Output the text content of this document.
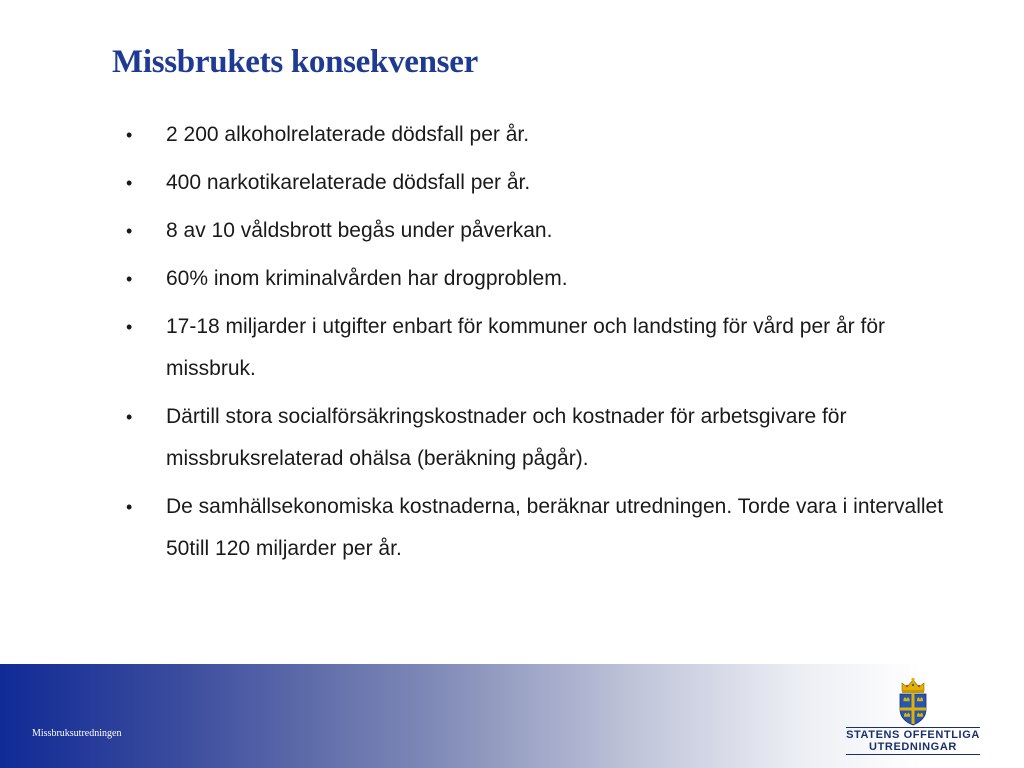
Missbrukets konsekvenser
•	2 200 alkoholrelaterade dödsfall per år.
•	400 narkotikarelaterade dödsfall per år.
•	8 av 10 våldsbrott begås under påverkan.
•	60% inom kriminalvården har drogproblem.
•	17-18 miljarder i utgifter enbart för kommuner och landsting för vård per år för missbruk.
•	Därtill stora socialförsäkringskostnader och kostnader för arbetsgivare för missbruksrelaterad ohälsa (beräkning pågår).
•	De samhällsekonomiska kostnaderna, beräknar utredningen. Torde vara i intervallet 50till 120 miljarder per år.
Missbruksutredningen	STATENS OFFENTLIGA
UTREDNINGAR
